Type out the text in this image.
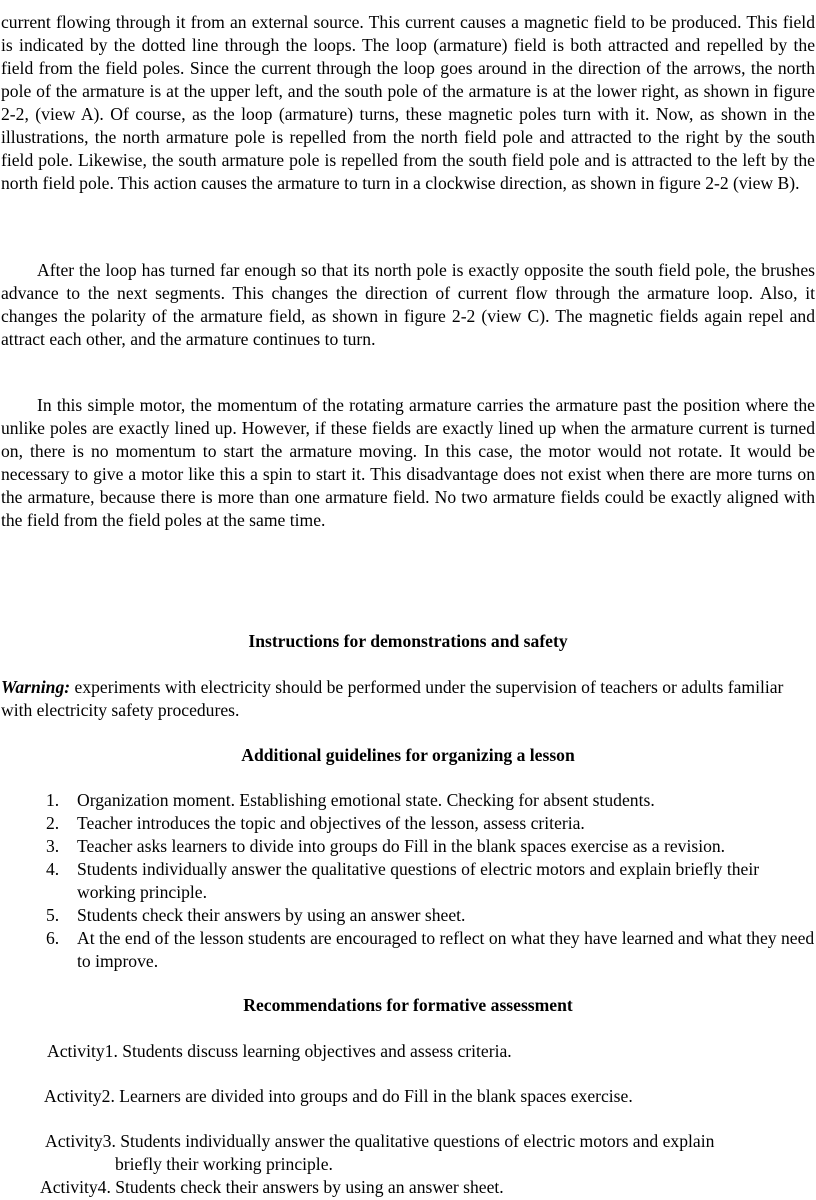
current flowing through it from an external source. This current causes a magnetic field to be produced. This field is indicated by the dotted line through the loops. The loop (armature) field is both attracted and repelled by the field from the field poles. Since the current through the loop goes around in the direction of the arrows, the north pole of the armature is at the upper left, and the south pole of the armature is at the lower right, as shown in figure 2-2, (view A). Of course, as the loop (armature) turns, these magnetic poles turn with it. Now, as shown in the illustrations, the north armature pole is repelled from the north field pole and attracted to the right by the south field pole. Likewise, the south armature pole is repelled from the south field pole and is attracted to the left by the north field pole. This action causes the armature to turn in a clockwise direction, as shown in figure 2-2 (view B).

After the loop has turned far enough so that its north pole is exactly opposite the south field pole, the brushes advance to the next segments. This changes the direction of current flow through the armature loop. Also, it changes the polarity of the armature field, as shown in figure 2-2 (view C). The magnetic fields again repel and attract each other, and the armature continues to turn.

In this simple motor, the momentum of the rotating armature carries the armature past the position where the unlike poles are exactly lined up. However, if these fields are exactly lined up when the armature current is turned on, there is no momentum to start the armature moving. In this case, the motor would not rotate. It would be necessary to give a motor like this a spin to start it. This disadvantage does not exist when there are more turns on the armature, because there is more than one armature field. No two armature fields could be exactly aligned with the field from the field poles at the same time.

Instructions for demonstrations and safety

Warning: experiments with electricity should be performed under the supervision of teachers or adults familiar with electricity safety procedures.

Additional guidelines for organizing a lesson

1. Organization moment. Establishing emotional state. Checking for absent students.
2. Teacher introduces the topic and objectives of the lesson, assess criteria.
3. Teacher asks learners to divide into groups do Fill in the blank spaces exercise as a revision.
4. Students individually answer the qualitative questions of electric motors and explain briefly their working principle.
5. Students check their answers by using an answer sheet.
6. At the end of the lesson students are encouraged to reflect on what they have learned and what they need to improve.

Recommendations for formative assessment

Activity1. Students discuss learning objectives and assess criteria.

Activity2. Learners are divided into groups and do Fill in the blank spaces exercise.

Activity3. Students individually answer the qualitative questions of electric motors and explain
briefly their working principle.

Activity4. Students check their answers by using an answer sheet.
